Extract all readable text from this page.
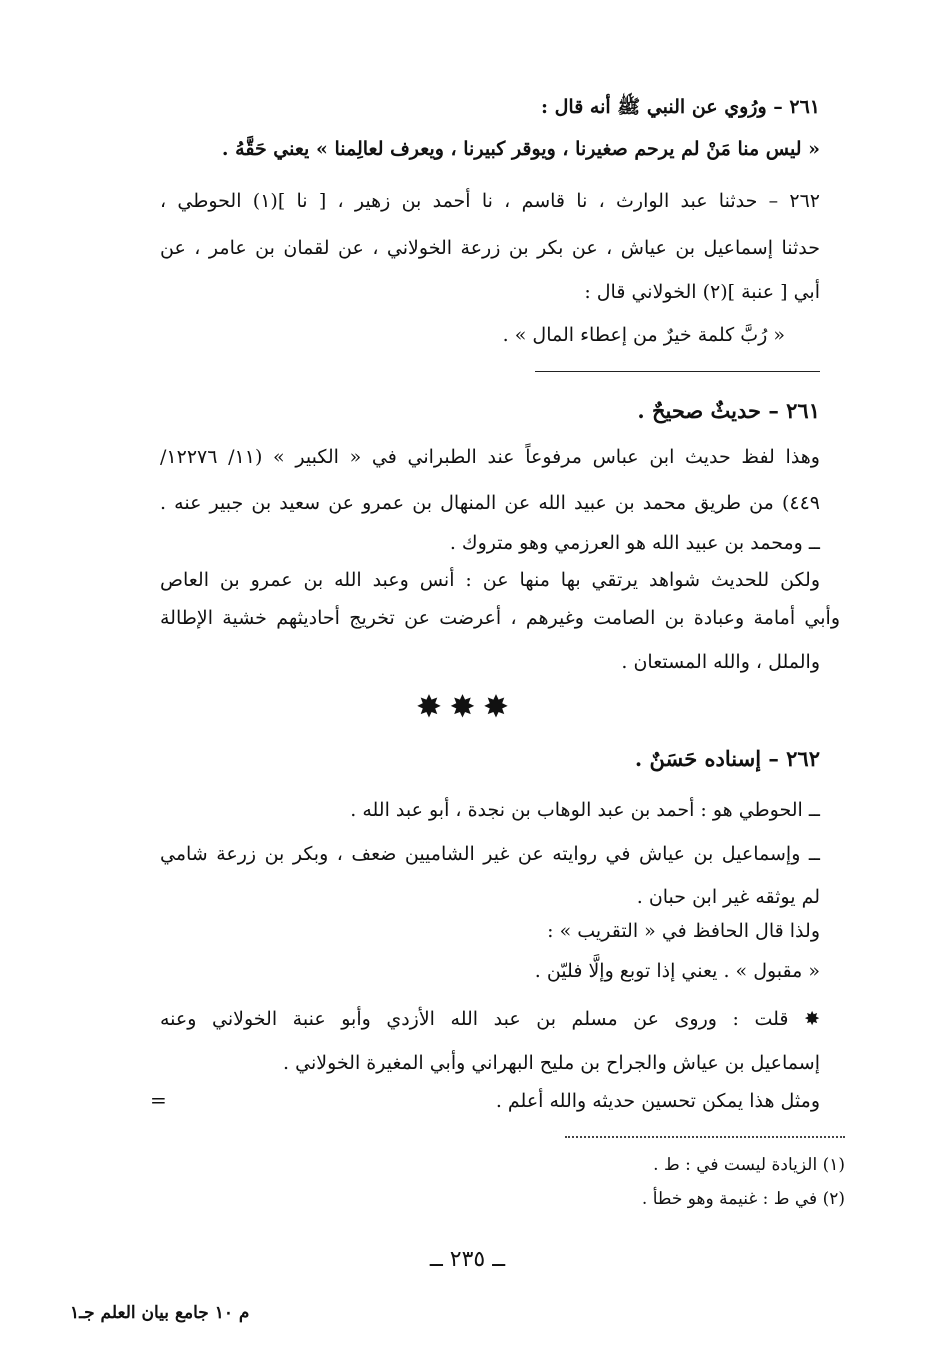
٢٦١ – ورُوي عن النبي ﷺ أنه قال :
« ليس منا مَنْ لم يرحم صغيرنا ، ويوقر كبيرنا ، ويعرف لعالِمنا » يعني حَقَّهُ .
٢٦٢ – حدثنا عبد الوارث ، نا قاسم ، نا أحمد بن زهير ، [ نا ](١) الحوطي ،
حدثنا إسماعيل بن عياش ، عن بكر بن زرعة الخولاني ، عن لقمان بن عامر ، عن
أبي [ عنبة ](٢) الخولاني قال :
« رُبَّ كلمة خيرٌ من إعطاء المال » .
٢٦١ – حديثٌ صحيحٌ .
وهذا لفظ حديث ابن عباس مرفوعاً عند الطبراني في « الكبير » (١١/ ١٢٢٧٦/
٤٤٩) من طريق محمد بن عبيد الله عن المنهال بن عمرو عن سعيد بن جبير عنه .
ــ ومحمد بن عبيد الله هو العرزمي وهو متروك .
ولكن للحديث شواهد يرتقي بها منها عن : أنس وعبد الله بن عمرو بن العاص
وأبي أمامة وعبادة بن الصامت وغيرهم ، أعرضت عن تخريج أحاديثهم خشية الإطالة
والملل ، والله المستعان .
✸✸✸
٢٦٢ – إسناده حَسَنٌ .
ــ الحوطي هو : أحمد بن عبد الوهاب بن نجدة ، أبو عبد الله .
ــ وإسماعيل بن عياش في روايته عن غير الشاميين ضعف ، وبكر بن زرعة شامي
لم يوثقه غير ابن حبان .
ولذا قال الحافظ في « التقريب » :
« مقبول » . يعني إذا توبع وإلَّا فليّن .
✸ قلت : وروى عن مسلم بن عبد الله الأزدي وأبو عنبة الخولاني وعنه
إسماعيل بن عياش والجراح بن مليح البهراني وأبي المغيرة الخولاني .
ومثل هذا يمكن تحسين حديثه والله أعلم .
=
(١) الزيادة ليست في : ط .
(٢) في ط : غنيمة وهو خطأ .
ــ ٢٣٥ ــ
م ١٠ جامع بيان العلم جـ١
